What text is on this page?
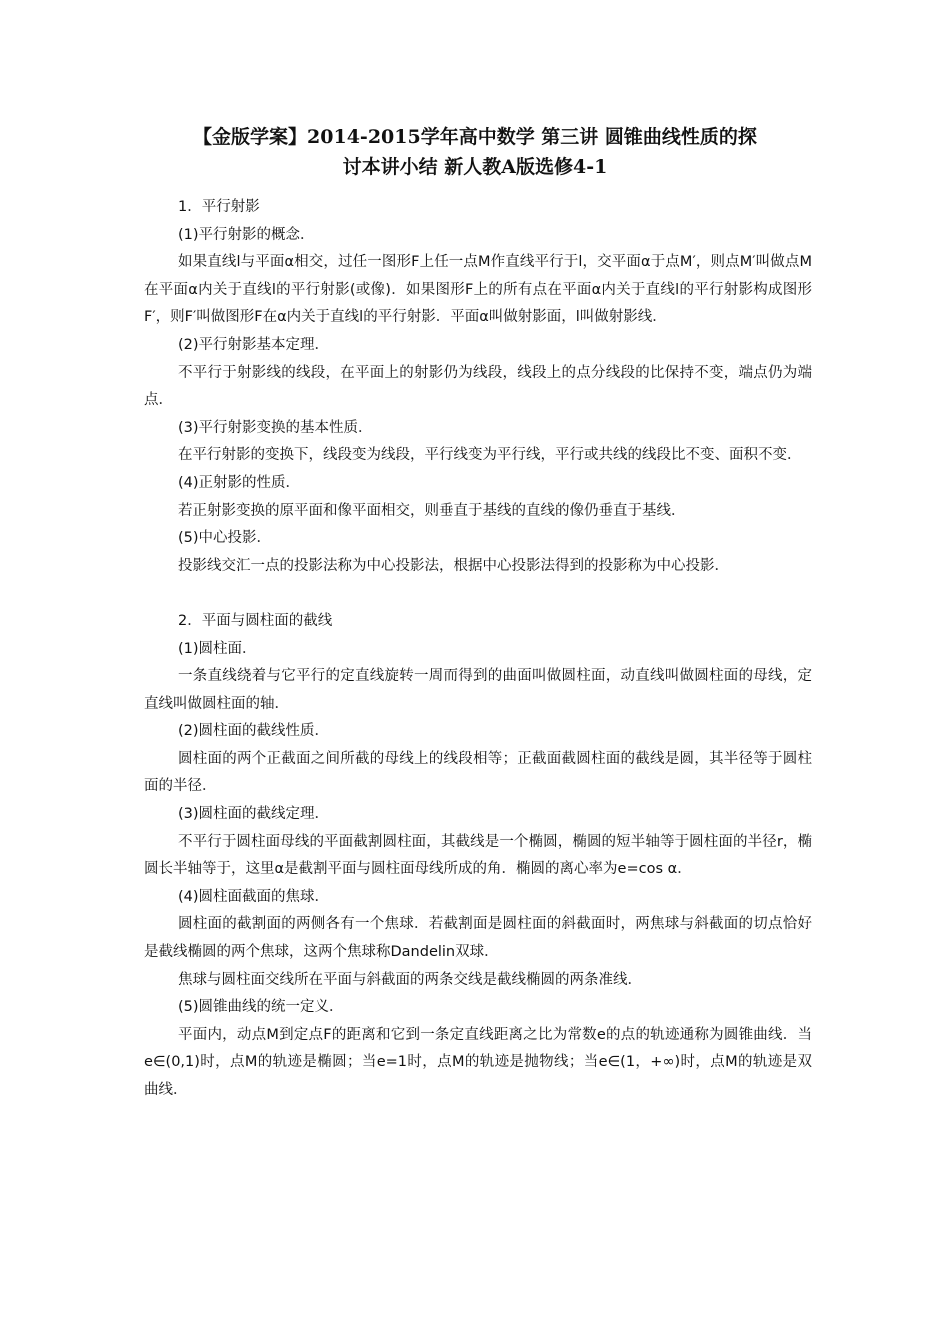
【金版学案】2014-2015学年高中数学 第三讲 圆锥曲线性质的探
讨本讲小结 新人教A版选修4-1

1．平行射影

(1)平行射影的概念．

如果直线l与平面α相交，过任一图形F上任一点M作直线平行于l，交平面α于点M′，则点M′叫做点M在平面α内关于直线l的平行射影(或像)．如果图形F上的所有点在平面α内关于直线l的平行射影构成图形F′，则F′叫做图形F在α内关于直线l的平行射影．平面α叫做射影面，l叫做射影线．

(2)平行射影基本定理．

不平行于射影线的线段，在平面上的射影仍为线段，线段上的点分线段的比保持不变，端点仍为端点．

(3)平行射影变换的基本性质．

在平行射影的变换下，线段变为线段，平行线变为平行线，平行或共线的线段比不变、面积不变．

(4)正射影的性质．

若正射影变换的原平面和像平面相交，则垂直于基线的直线的像仍垂直于基线．

(5)中心投影．

投影线交汇一点的投影法称为中心投影法，根据中心投影法得到的投影称为中心投影．

2．平面与圆柱面的截线

(1)圆柱面．

一条直线绕着与它平行的定直线旋转一周而得到的曲面叫做圆柱面，动直线叫做圆柱面的母线，定直线叫做圆柱面的轴．

(2)圆柱面的截线性质．

圆柱面的两个正截面之间所截的母线上的线段相等；正截面截圆柱面的截线是圆，其半径等于圆柱面的半径．

(3)圆柱面的截线定理．

不平行于圆柱面母线的平面截割圆柱面，其截线是一个椭圆，椭圆的短半轴等于圆柱面的半径r，椭圆长半轴等于，这里α是截割平面与圆柱面母线所成的角．椭圆的离心率为e=cos α．

(4)圆柱面截面的焦球．

圆柱面的截割面的两侧各有一个焦球．若截割面是圆柱面的斜截面时，两焦球与斜截面的切点恰好是截线椭圆的两个焦球，这两个焦球称Dandelin双球．

焦球与圆柱面交线所在平面与斜截面的两条交线是截线椭圆的两条准线．

(5)圆锥曲线的统一定义．

平面内，动点M到定点F的距离和它到一条定直线距离之比为常数e的点的轨迹通称为圆锥曲线．当e∈(0,1)时，点M的轨迹是椭圆；当e=1时，点M的轨迹是抛物线；当e∈(1，+∞)时，点M的轨迹是双曲线．
